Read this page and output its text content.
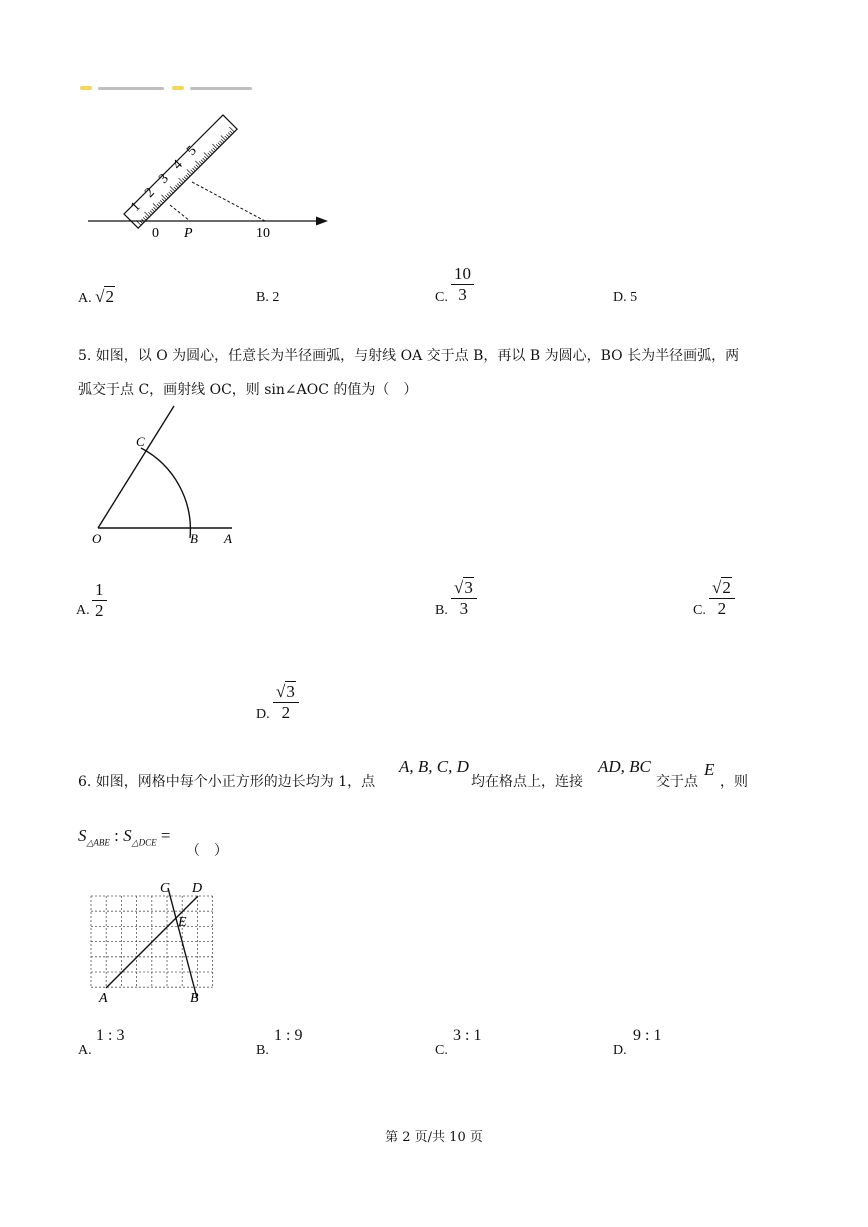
1
2
3
4
5
0 P	10
A. √2	B. 2	C. $\frac{10}{3}$	D. 5
5. 如图，以 O 为圆心，任意长为半径画弧，与射线 OA 交于点 B，再以 B 为圆心，BO 长为半径画弧，两
弧交于点 C，画射线 OC，则 sin∠AOC 的值为（　）
C
O	B A
A. $\frac{1}{2}$	B. $\frac{√3}{3}$	C. $\frac{√2}{2}$
D. $\frac{√3}{2}$
6. 如图，网格中每个小正方形的边长均为 1，点
A, B, C, D
均在格点上，连接
AD, BC
交于点
E
，则
$S_{\triangle ABE}$ : $S_{\triangle DCE}$ =
（　）
C D
E
A	B
A.
1 : 3
B.
1 : 9
C.
3 : 1
D.
9 : 1
第 2 页/共 10 页
